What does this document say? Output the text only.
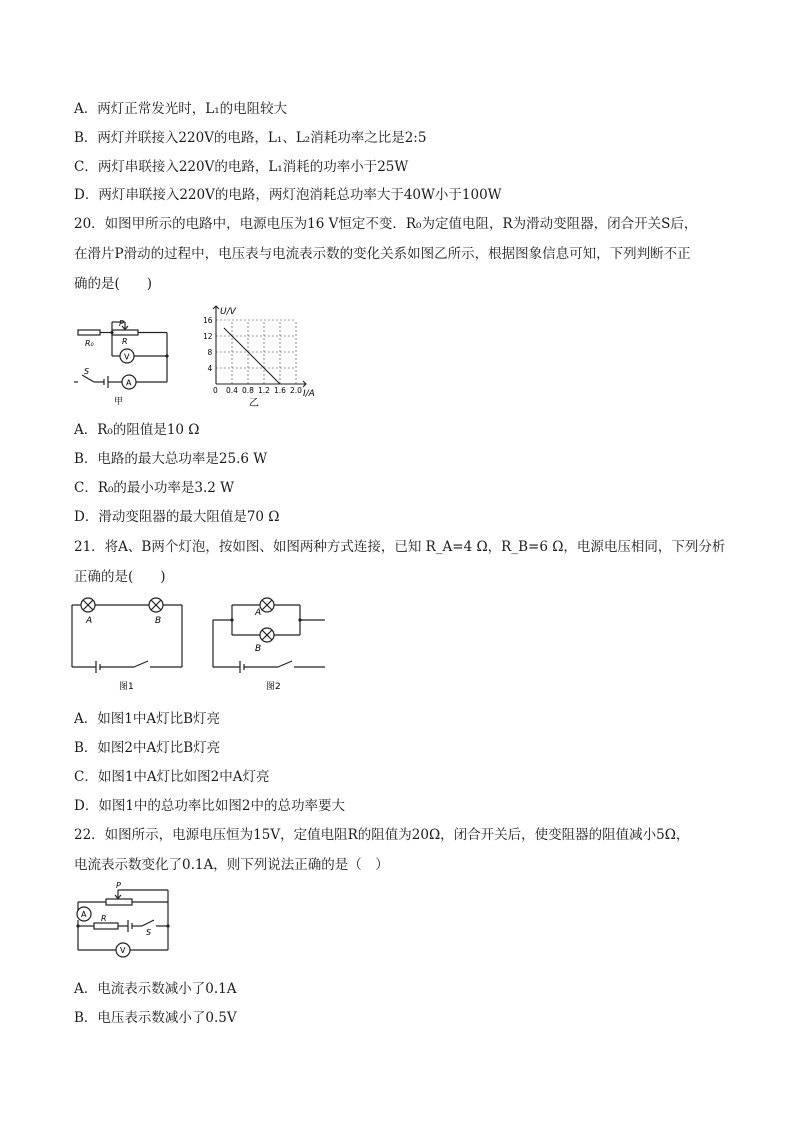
A．两灯正常发光时，L₁的电阻较大
B．两灯并联接入220V的电路，L₁、L₂消耗功率之比是2:5
C．两灯串联接入220V的电路，L₁消耗的功率小于25W
D．两灯串联接入220V的电路，两灯泡消耗总功率大于40W小于100W
20．如图甲所示的电路中，电源电压为16 V恒定不变．R₀为定值电阻，R为滑动变阻器，闭合开关S后，
在滑片P滑动的过程中，电压表与电流表示数的变化关系如图乙所示，根据图象信息可知，下列判断不正
确的是(　　)
R₀
P
R
V
A
S
甲
0 0.4 0.8 1.2 1.6 2.0
4
8
12
16
U/V
I/A
乙
A．R₀的阻值是10 Ω
B．电路的最大总功率是25.6 W
C．R₀的最小功率是3.2 W
D．滑动变阻器的最大阻值是70 Ω
21．将A、B两个灯泡，按如图、如图两种方式连接，已知 R_A=4 Ω，R_B=6 Ω，电源电压相同，下列分析
正确的是(　　)
A	B
图1
A
B
图2
A．如图1中A灯比B灯亮
B．如图2中A灯比B灯亮
C．如图1中A灯比如图2中A灯亮
D．如图1中的总功率比如图2中的总功率要大
22．如图所示，电源电压恒为15V，定值电阻R的阻值为20Ω，闭合开关后，使变阻器的阻值减小5Ω，
电流表示数变化了0.1A，则下列说法正确的是（　）
P
A R
S
V
A．电流表示数减小了0.1A
B．电压表示数减小了0.5V
